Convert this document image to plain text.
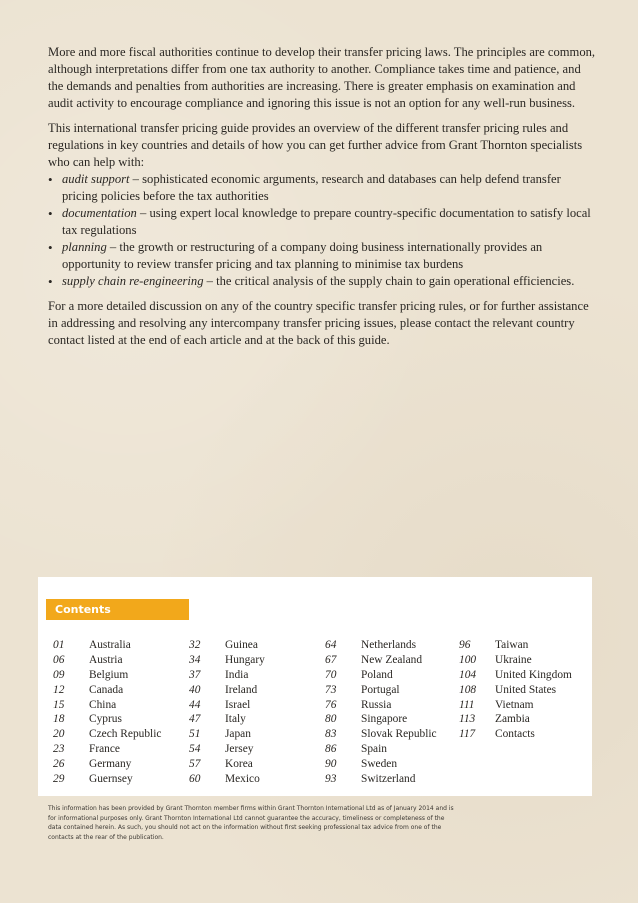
More and more fiscal authorities continue to develop their transfer pricing laws. The principles are common, although interpretations differ from one tax authority to another. Compliance takes time and patience, and the demands and penalties from authorities are increasing. There is greater emphasis on examination and audit activity to encourage compliance and ignoring this issue is not an option for any well-run business.

This international transfer pricing guide provides an overview of the different transfer pricing rules and regulations in key countries and details of how you can get further advice from Grant Thornton specialists who can help with:

• audit support – sophisticated economic arguments, research and databases can help defend transfer pricing policies before the tax authorities
• documentation – using expert local knowledge to prepare country-specific documentation to satisfy local tax regulations
• planning – the growth or restructuring of a company doing business internationally provides an opportunity to review transfer pricing and tax planning to minimise tax burdens
• supply chain re-engineering – the critical analysis of the supply chain to gain operational efficiencies.

For a more detailed discussion on any of the country specific transfer pricing rules, or for further assistance in addressing and resolving any intercompany transfer pricing issues, please contact the relevant country contact listed at the end of each article and at the back of this guide.

Contents
01 Australia
06 Austria
09 Belgium
12 Canada
15 China
18 Cyprus
20 Czech Republic
23 France
26 Germany
29 Guernsey
32 Guinea
34 Hungary
37 India
40 Ireland
44 Israel
47 Italy
51 Japan
54 Jersey
57 Korea
60 Mexico
64 Netherlands
67 New Zealand
70 Poland
73 Portugal
76 Russia
80 Singapore
83 Slovak Republic
86 Spain
90 Sweden
93 Switzerland
96 Taiwan
100 Ukraine
104 United Kingdom
108 United States
111 Vietnam
113 Zambia
117 Contacts
This information has been provided by Grant Thornton member firms within Grant Thornton International Ltd as of January 2014 and is for informational purposes only. Grant Thornton International Ltd cannot guarantee the accuracy, timeliness or completeness of the data contained herein. As such, you should not act on the information without first seeking professional tax advice from one of the contacts at the rear of the publication.
